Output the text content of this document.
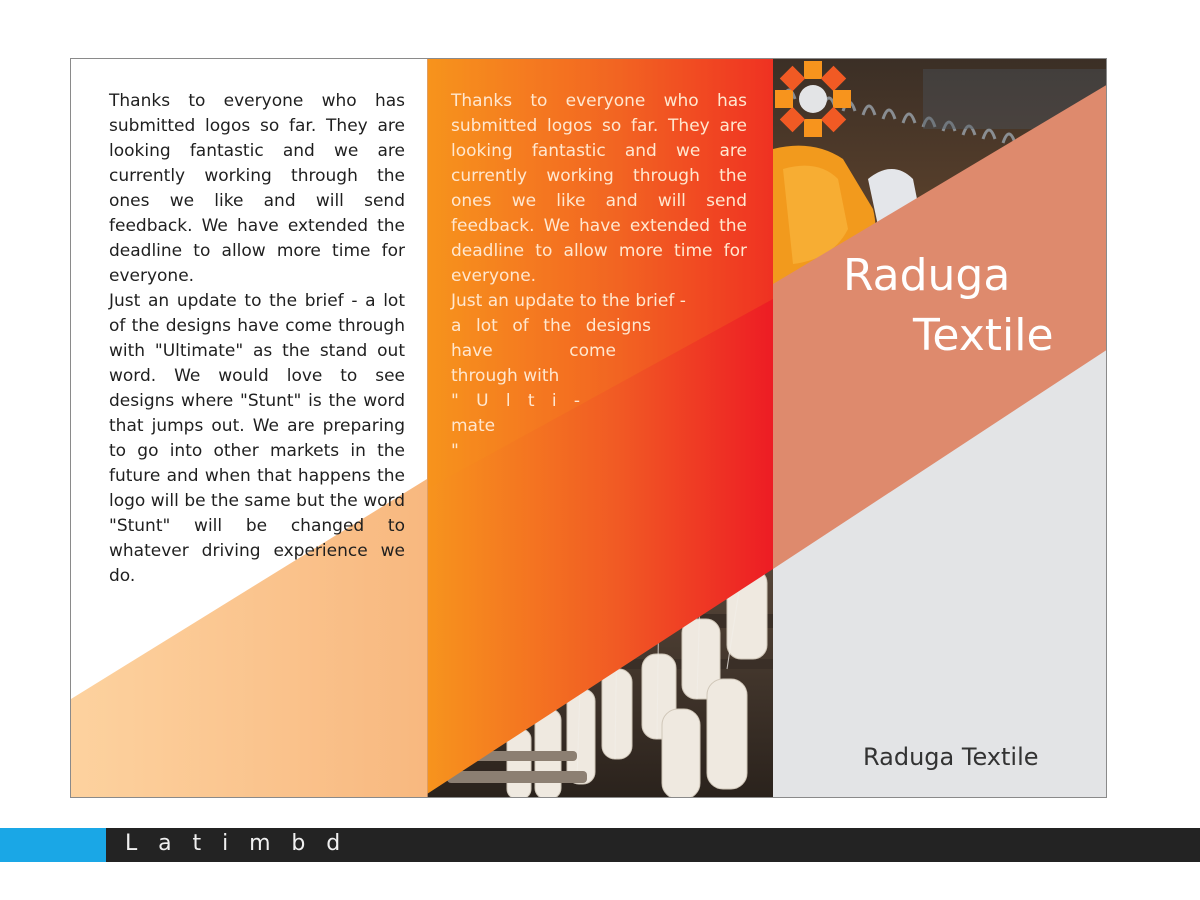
Thanks to everyone who has submitted logos so far. They are looking fantastic and we are currently working through the ones we like and will send feedback. We have extended the deadline to allow more time for everyone.

Just an update to the brief - a lot of the designs have come through with "Ultimate" as the stand out word. We would love to see designs where "Stunt" is the word that jumps out. We are preparing to go into other markets in the future and when that happens the logo will be the same but the word "Stunt" will be changed to whatever driving experience we do.

Thanks to everyone who has submitted logos so far. They are looking fantastic and we are currently working through the ones we like and will send feedback. We have extended the deadline to allow more time for everyone.

Just an update to the brief -
a lot of the designs
have come
through with
" U l t i -
mate
"
Raduga
Textile
Raduga Textile
Latimbd
